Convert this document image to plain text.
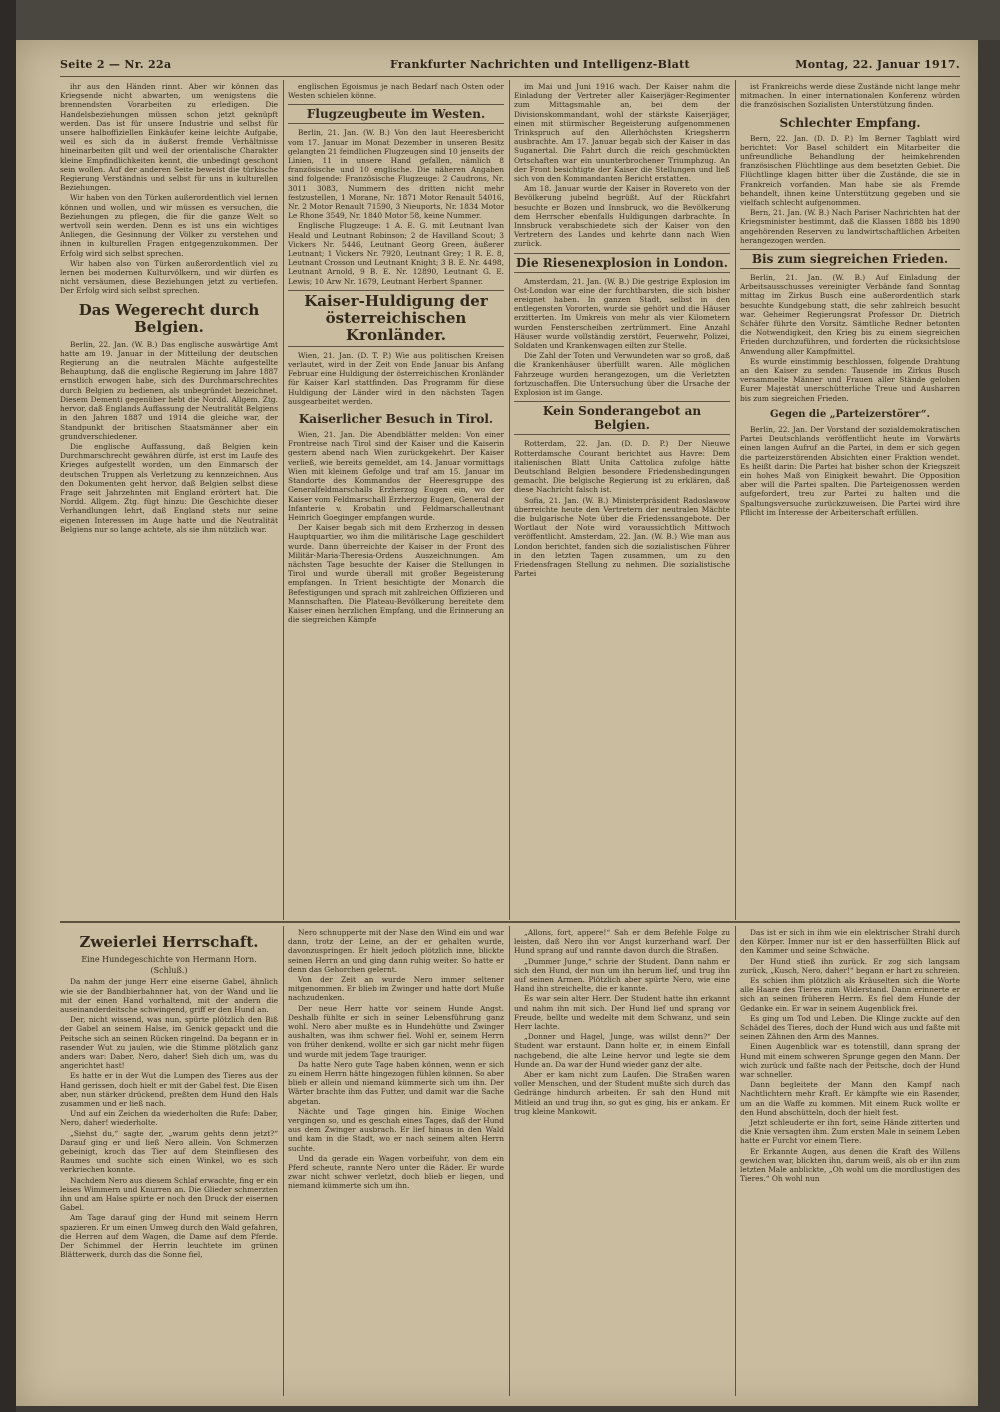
Seite 2 — Nr. 22a	Frankfurter Nachrichten und Intelligenz-Blatt	Montag, 22. Januar 1917.

ihr aus den Händen rinnt. Aber wir können das Kriegsende nicht abwarten, um wenigstens die brennendsten Vorarbeiten zu erledigen. Die Handelsbeziehungen müssen schon jetzt geknüpft werden. Das ist für unsere Industrie und selbst für unsere halboffiziellen Einkäufer keine leichte Aufgabe, weil es sich da in äußerst fremde Verhältnisse hineinarbeiten gilt und weil der orientalische Charakter kleine Empfindlichkeiten kennt, die unbedingt geschont sein wollen. Auf der anderen Seite beweist die türkische Regierung Verständnis und selbst für uns in kulturellen Beziehungen.

Wir haben von den Türken außerordentlich viel lernen können und wollen, und wir müssen es versuchen, die Beziehungen zu pflegen, die für die ganze Welt so wertvoll sein werden. Denn es ist uns ein wichtiges Anliegen, die Gesinnung der Völker zu verstehen und ihnen in kulturellen Fragen entgegenzukommen. Der Erfolg wird sich selbst sprechen.

Wir haben also von Türken außerordentlich viel zu lernen bei modernen Kulturvölkern, und wir dürfen es nicht versäumen, diese Beziehungen jetzt zu vertiefen. Der Erfolg wird sich selbst sprechen.

Das Wegerecht durch Belgien.

Berlin, 22. Jan. (W. B.) Das englische auswärtige Amt hatte am 19. Januar in der Mitteilung der deutschen Regierung an die neutralen Mächte aufgestellte Behauptung, daß die englische Regierung im Jahre 1887 ernstlich erwogen habe, sich des Durchmarschrechtes durch Belgien zu bedienen, als unbegründet bezeichnet. Diesem Dementi gegenüber hebt die Nordd. Allgem. Ztg. hervor, daß Englands Auffassung der Neutralität Belgiens in den Jahren 1887 und 1914 die gleiche war, der Standpunkt der britischen Staatsmänner aber ein grundverschiedener.

Die englische Auffassung, daß Belgien kein Durchmarschrecht gewähren dürfe, ist erst im Laufe des Krieges aufgestellt worden, um den Einmarsch der deutschen Truppen als Verletzung zu kennzeichnen. Aus den Dokumenten geht hervor, daß Belgien selbst diese Frage seit Jahrzehnten mit England erörtert hat. Die Nordd. Allgem. Ztg. fügt hinzu: Die Geschichte dieser Verhandlungen lehrt, daß England stets nur seine eigenen Interessen im Auge hatte und die Neutralität Belgiens nur so lange achtete, als sie ihm nützlich war.

englischen Egoismus je nach Bedarf nach Osten oder Westen schielen könne.

Flugzeugbeute im Westen.

Berlin, 21. Jan. (W. B.) Von den laut Heeresbericht vom 17. Januar im Monat Dezember in unseren Besitz gelangten 21 feindlichen Flugzeugen sind 10 jenseits der Linien, 11 in unsere Hand gefallen, nämlich 8 französische und 10 englische. Die näheren Angaben sind folgende: Französische Flugzeuge: 2 Caudrons, Nr. 3011 3083, Nummern des dritten nicht mehr festzustellen, 1 Morane, Nr. 1871 Motor Renault 54016, Nr. 2 Motor Renault 71590, 3 Nieuports, Nr. 1834 Motor Le Rhone 3549, Nr. 1840 Motor 58, keine Nummer.

Englische Flugzeuge: 1 A. E. G. mit Leutnant Ivan Heald und Leutnant Robinson; 2 de Havilland Scout; 3 Vickers Nr. 5446, Leutnant Georg Green, äußerer Leutnant; 1 Vickers Nr. 7920, Leutnant Grey; 1 R. E. 8, Leutnant Crosson und Leutnant Knight; 3 B. E. Nr. 4498, Leutnant Arnold, 9 B. E. Nr. 12890, Leutnant G. E. Lewis; 10 Arw Nr. 1679, Leutnant Herbert Spanner.

Kaiser-Huldigung der österreichischen Kronländer.

Wien, 21. Jan. (D. T. P.) Wie aus politischen Kreisen verlautet, wird in der Zeit von Ende Januar bis Anfang Februar eine Huldigung der österreichischen Kronländer für Kaiser Karl stattfinden. Das Programm für diese Huldigung der Länder wird in den nächsten Tagen ausgearbeitet werden.

Kaiserlicher Besuch in Tirol.

Wien, 21. Jan. Die Abendblätter melden: Von einer Frontreise nach Tirol sind der Kaiser und die Kaiserin gestern abend nach Wien zurückgekehrt. Der Kaiser verließ, wie bereits gemeldet, am 14. Januar vormittags Wien mit kleinem Gefolge und traf am 15. Januar im Standorte des Kommandos der Heeresgruppe des Generalfeldmarschalls Erzherzog Eugen ein, wo der Kaiser vom Feldmarschall Erzherzog Eugen, General der Infanterie v. Krobatin und Feldmarschalleutnant Heinrich Goeginger empfangen wurde.

Der Kaiser begab sich mit dem Erzherzog in dessen Hauptquartier, wo ihm die militärische Lage geschildert wurde. Dann überreichte der Kaiser in der Front des Militär-Maria-Theresia-Ordens Auszeichnungen. Am nächsten Tage besuchte der Kaiser die Stellungen in Tirol und wurde überall mit großer Begeisterung empfangen. In Trient besichtigte der Monarch die Befestigungen und sprach mit zahlreichen Offizieren und Mannschaften. Die Plateau-Bevölkerung bereitete dem Kaiser einen herzlichen Empfang, und die Erinnerung an die siegreichen Kämpfe

im Mai und Juni 1916 wach. Der Kaiser nahm die Einladung der Vertreter aller Kaiserjäger-Regimenter zum Mittagsmahle an, bei dem der Divisionskommandant, wohl der stärkste Kaiserjäger, einen mit stürmischer Begeisterung aufgenommenen Trinkspruch auf den Allerhöchsten Kriegsherrn ausbrachte. Am 17. Januar begab sich der Kaiser in das Suganertal. Die Fahrt durch die reich geschmückten Ortschaften war ein ununterbrochener Triumphzug. An der Front besichtigte der Kaiser die Stellungen und ließ sich von den Kommandanten Bericht erstatten.

Am 18. Januar wurde der Kaiser in Rovereto von der Bevölkerung jubelnd begrüßt. Auf der Rückfahrt besuchte er Bozen und Innsbruck, wo die Bevölkerung dem Herrscher ebenfalls Huldigungen darbrachte. In Innsbruck verabschiedete sich der Kaiser von den Vertretern des Landes und kehrte dann nach Wien zurück.

Die Riesenexplosion in London.

Amsterdam, 21. Jan. (W. B.) Die gestrige Explosion im Ost-London war eine der furchtbarsten, die sich bisher ereignet haben. In ganzen Stadt, selbst in den entlegensten Vororten, wurde sie gehört und die Häuser erzitterten. Im Umkreis von mehr als vier Kilometern wurden Fensterscheiben zertrümmert. Eine Anzahl Häuser wurde vollständig zerstört, Feuerwehr, Polizei, Soldaten und Krankenwagen eilten zur Stelle.

Die Zahl der Toten und Verwundeten war so groß, daß die Krankenhäuser überfüllt waren. Alle möglichen Fahrzeuge wurden herangezogen, um die Verletzten fortzuschaffen. Die Untersuchung über die Ursache der Explosion ist im Gange.

Kein Sonderangebot an Belgien.

Rotterdam, 22. Jan. (D. D. P.) Der Nieuwe Rotterdamsche Courant berichtet aus Havre: Dem italienischen Blatt Unita Cattolica zufolge hätte Deutschland Belgien besondere Friedensbedingungen gemacht. Die belgische Regierung ist zu erklären, daß diese Nachricht falsch ist.

Sofia, 21. Jan. (W. B.) Ministerpräsident Radoslawow überreichte heute den Vertretern der neutralen Mächte die bulgarische Note über die Friedenssangebote. Der Wortlaut der Note wird voraussichtlich Mittwoch veröffentlicht. Amsterdam, 22. Jan. (W. B.) Wie man aus London berichtet, fanden sich die sozialistischen Führer in den letzten Tagen zusammen, um zu den Friedensfragen Stellung zu nehmen. Die sozialistische Partei

ist Frankreichs werde diese Zustände nicht lange mehr mitmachen. In einer internationalen Konferenz würden die französischen Sozialisten Unterstützung finden.

Schlechter Empfang.

Bern, 22. Jan. (D. D. P.) Im Berner Tagblatt wird berichtet: Vor Basel schildert ein Mitarbeiter die unfreundliche Behandlung der heimkehrenden französischen Flüchtlinge aus dem besetzten Gebiet. Die Flüchtlinge klagen bitter über die Zustände, die sie in Frankreich vorfanden. Man habe sie als Fremde behandelt, ihnen keine Unterstützung gegeben und sie vielfach schlecht aufgenommen.

Bern, 21. Jan. (W. B.) Nach Pariser Nachrichten hat der Kriegsminister bestimmt, daß die Klassen 1888 bis 1890 angehörenden Reserven zu landwirtschaftlichen Arbeiten herangezogen werden.

Bis zum siegreichen Frieden.

Berlin, 21. Jan. (W. B.) Auf Einladung der Arbeitsausschusses vereinigter Verbände fand Sonntag mittag im Zirkus Busch eine außerordentlich stark besuchte Kundgebung statt, die sehr zahlreich besucht war. Geheimer Regierungsrat Professor Dr. Dietrich Schäfer führte den Vorsitz. Sämtliche Redner betonten die Notwendigkeit, den Krieg bis zu einem siegreichen Frieden durchzuführen, und forderten die rücksichtslose Anwendung aller Kampfmittel.

Es wurde einstimmig beschlossen, folgende Drahtung an den Kaiser zu senden: Tausende im Zirkus Busch versammelte Männer und Frauen aller Stände geloben Eurer Majestät unerschütterliche Treue und Ausharren bis zum siegreichen Frieden.

Gegen die „Parteizerstörer“.

Berlin, 22. Jan. Der Vorstand der sozialdemokratischen Partei Deutschlands veröffentlicht heute im Vorwärts einen langen Aufruf an die Partei, in dem er sich gegen die parteizerstörenden Absichten einer Fraktion wendet. Es heißt darin: Die Partei hat bisher schon der Kriegszeit ein hohes Maß von Einigkeit bewahrt. Die Opposition aber will die Partei spalten. Die Parteigenossen werden aufgefordert, treu zur Partei zu halten und die Spaltungsversuche zurückzuweisen. Die Partei wird ihre Pflicht im Interesse der Arbeiterschaft erfüllen.

Zweierlei Herrschaft.
Eine Hundegeschichte von Hermann Horn.
(Schluß.)

Da nahm der junge Herr eine eiserne Gabel, ähnlich wie sie der Bandbierbahnner hat, von der Wand und lie mit der einen Hand vorhaltend, mit der andern die auseinanderdeitsche schwingend, griff er den Hund an.

Der, nicht wissend, was nun, spürte plötzlich den Biß der Gabel an seinem Halse, im Genick gepackt und die Peitsche sich an seinen Rücken ringelnd. Da begann er in rasender Wut zu jaulen, wie die Stimme plötzlich ganz anders war: Daber, Nero, daher! Sieh dich um, was du angerichtet hast!

Es hatte er in der Wut die Lumpen des Tieres aus der Hand gerissen, doch hielt er mit der Gabel fest. Die Eisen aber, nun stärker drückend, preßten dem Hund den Hals zusammen und er ließ nach.

Und auf ein Zeichen da wiederholten die Rufe: Daber, Nero, daher! wiederholte.

„Siehst du,“ sagte der, „warum gehts denn jetzt?“ Darauf ging er und ließ Nero allein. Von Schmerzen gebeinigt, kroch das Tier auf dem Steinfliesen des Raumes und suchte sich einen Winkel, wo es sich verkriechen konnte.

Nachdem Nero aus diesem Schlaf erwachte, fing er ein leises Wimmern und Knurren an. Die Glieder schmerzten ihn und am Halse spürte er noch den Druck der eisernen Gabel.

Am Tage darauf ging der Hund mit seinem Herrn spazieren. Er um einen Umweg durch den Wald gefahren, die Herren auf dem Wagen, die Dame auf dem Pferde. Der Schimmel der Herrin leuchtete im grünen Blätterwerk, durch das die Sonne fiel,

Nero schnupperte mit der Nase den Wind ein und war dann, trotz der Leine, an der er gehalten wurde, davonzuspringen. Er hielt jedoch plötzlich inne, blickte seinen Herrn an und ging dann ruhig weiter. So hatte er denn das Gehorchen gelernt.

Von der Zeit an wurde Nero immer seltener mitgenommen. Er blieb im Zwinger und hatte dort Muße nachzudenken.

Der neue Herr hatte vor seinem Hunde Angst. Deshalb fühlte er sich in seiner Lebensführung ganz wohl. Nero aber mußte es in Hundehütte und Zwinger aushalten, was ihm schwer fiel. Wohl er, seinem Herrn von früher denkend, wollte er sich gar nicht mehr fügen und wurde mit jedem Tage trauriger.

Da hatte Nero gute Tage haben können, wenn er sich zu einem Herrn hätte hingezogen fühlen können. So aber blieb er allein und niemand kümmerte sich um ihn. Der Wärter brachte ihm das Futter, und damit war die Sache abgetan.

Nächte und Tage gingen hin. Einige Wochen vergingen so, und es geschah eines Tages, daß der Hund aus dem Zwinger ausbrach. Er lief hinaus in den Wald und kam in die Stadt, wo er nach seinem alten Herrn suchte.

Und da gerade ein Wagen vorbeifuhr, von dem ein Pferd scheute, rannte Nero unter die Räder. Er wurde zwar nicht schwer verletzt, doch blieb er liegen, und niemand kümmerte sich um ihn.

„Allons, fort, appere!“ Sah er dem Befehle Folge zu leisten, daß Nero ihn vor Angst kurzerhand warf. Der Hund sprang auf und rannte davon durch die Straßen.

„Dummer Junge,“ schrie der Student. Dann nahm er sich den Hund, der nun um ihn herum lief, und trug ihn auf seinen Armen. Plötzlich aber spürte Nero, wie eine Hand ihn streichelte, die er kannte.

Es war sein alter Herr. Der Student hatte ihn erkannt und nahm ihn mit sich. Der Hund lief und sprang vor Freude, bellte und wedelte mit dem Schwanz, und sein Herr lachte.

„Donner und Hagel, Junge, was willst denn?“ Der Student war erstaunt. Dann holte er, in einem Einfall nachgebend, die alte Leine hervor und legte sie dem Hunde an. Da war der Hund wieder ganz der alte.

Aber er kam nicht zum Laufen. Die Straßen waren voller Menschen, und der Student mußte sich durch das Gedränge hindurch arbeiten. Er sah den Hund mit Mitleid an und trug ihn, so gut es ging, bis er ankam. Er trug kleine Mankowit.

Das ist er sich in ihm wie ein elektrischer Strahl durch den Körper. Immer nur ist er den hasserfüllten Blick auf den Kammer und seine Schwäche.

Der Hund stieß ihn zurück. Er zog sich langsam zurück, „Kusch, Nero, daher!“ begann er hart zu schreien.

Es schien ihm plötzlich als Kräuselten sich die Worte alle Haare des Tieres zum Widerstand. Dann erinnerte er sich an seinen früheren Herrn. Es fiel dem Hunde der Gedanke ein. Er war in seinem Augenblick frei.

Es ging um Tod und Leben. Die Klinge zuckte auf den Schädel des Tieres, doch der Hund wich aus und faßte mit seinen Zähnen den Arm des Mannes.

Einen Augenblick war es totenstill, dann sprang der Hund mit einem schweren Sprunge gegen den Mann. Der wich zurück und faßte nach der Peitsche, doch der Hund war schneller.

Dann begleitete der Mann den Kampf nach Nachtlichtern mehr Kraft. Er kämpfte wie ein Rasender, um an die Waffe zu kommen. Mit einem Ruck wollte er den Hund abschütteln, doch der hielt fest.

Jetzt schleuderte er ihn fort, seine Hände zitterten und die Knie versagten ihm. Zum ersten Male in seinem Leben hatte er Furcht vor einem Tiere.

Er Erkannte Augen, aus denen die Kraft des Willens gewichen war, blickten ihn, darum weiß, als ob er ihn zum letzten Male anblickte, „Oh wohl um die mordlustigen des Tieres.“ Oh wohl nun
